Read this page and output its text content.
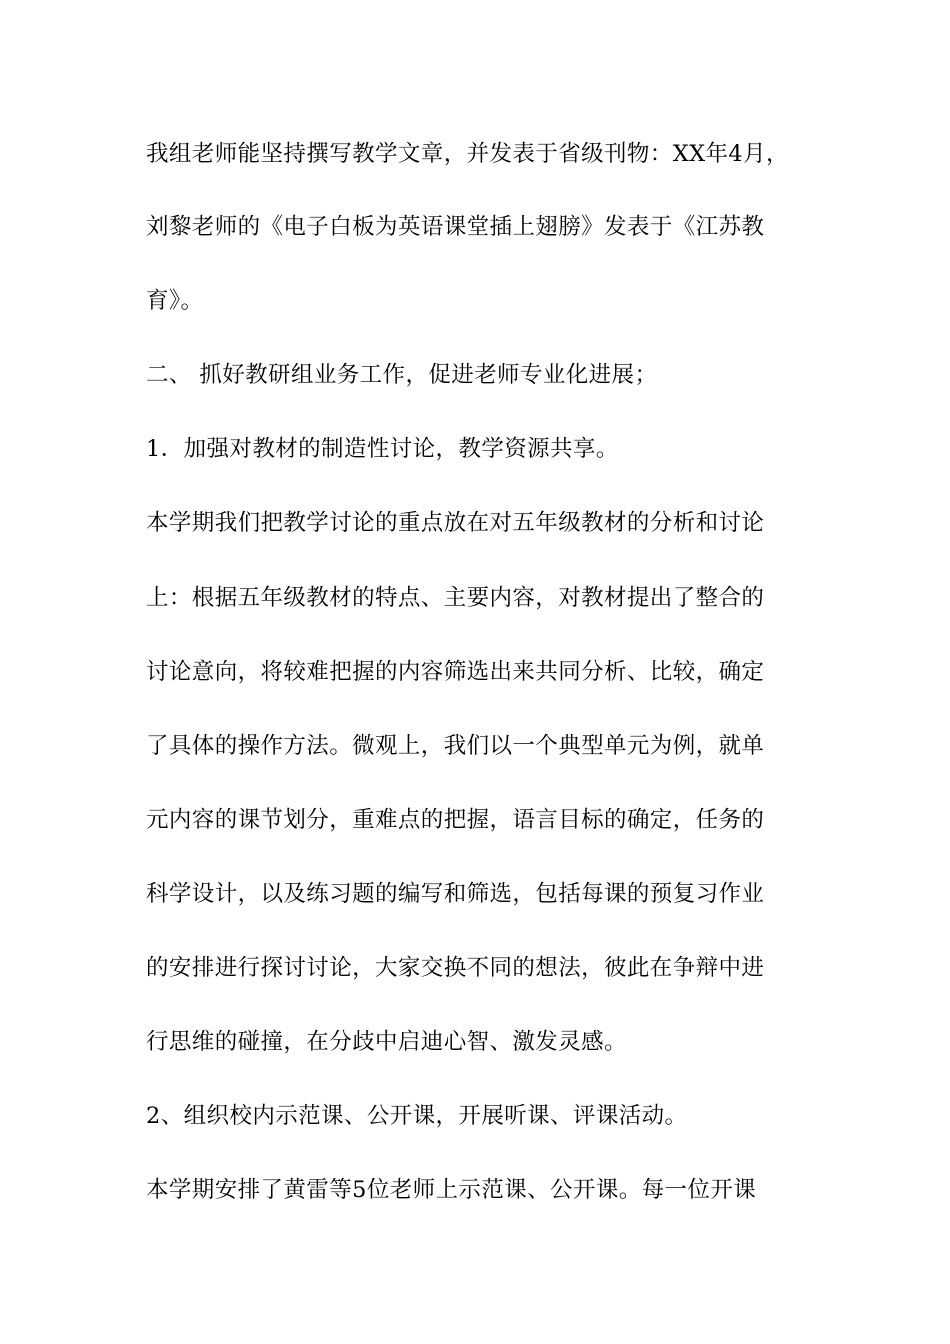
我组老师能坚持撰写教学文章，并发表于省级刊物：XX年4月，
刘黎老师的《电子白板为英语课堂插上翅膀》发表于《江苏教
育》。
二、 抓好教研组业务工作，促进老师专业化进展；
1．加强对教材的制造性讨论，教学资源共享。
本学期我们把教学讨论的重点放在对五年级教材的分析和讨论
上：根据五年级教材的特点、主要内容，对教材提出了整合的
讨论意向，将较难把握的内容筛选出来共同分析、比较，确定
了具体的操作方法。微观上，我们以一个典型单元为例，就单
元内容的课节划分，重难点的把握，语言目标的确定，任务的
科学设计，以及练习题的编写和筛选，包括每课的预复习作业
的安排进行探讨讨论，大家交换不同的想法，彼此在争辩中进
行思维的碰撞，在分歧中启迪心智、激发灵感。
2、组织校内示范课、公开课，开展听课、评课活动。
本学期安排了黄雷等5位老师上示范课、公开课。每一位开课
